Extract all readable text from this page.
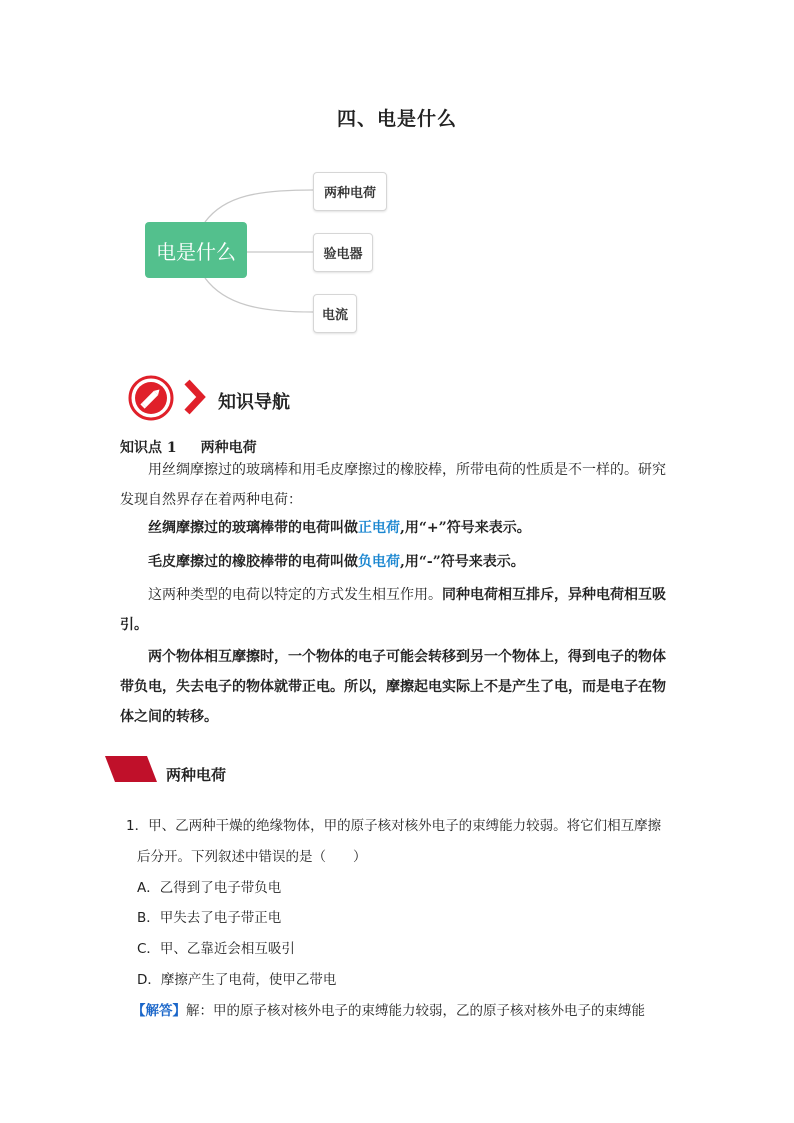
四、电是什么
电是什么
两种电荷
验电器
电流
知识导航
知识点 1 两种电荷
用丝绸摩擦过的玻璃棒和用毛皮摩擦过的橡胶棒，所带电荷的性质是不一样的。研究发现自然界存在着两种电荷：
丝绸摩擦过的玻璃棒带的电荷叫做正电荷,用“+”符号来表示。
毛皮摩擦过的橡胶棒带的电荷叫做负电荷,用“-”符号来表示。
这两种类型的电荷以特定的方式发生相互作用。同种电荷相互排斥，异种电荷相互吸引。
两个物体相互摩擦时，一个物体的电子可能会转移到另一个物体上，得到电子的物体带负电，失去电子的物体就带正电。所以，摩擦起电实际上不是产生了电，而是电子在物体之间的转移。
两种电荷
1．甲、乙两种干燥的绝缘物体，甲的原子核对核外电子的束缚能力较弱。将它们相互摩擦
后分开。下列叙述中错误的是（　　）
A．乙得到了电子带负电
B．甲失去了电子带正电
C．甲、乙靠近会相互吸引
D．摩擦产生了电荷，使甲乙带电
【解答】解：甲的原子核对核外电子的束缚能力较弱，乙的原子核对核外电子的束缚能
